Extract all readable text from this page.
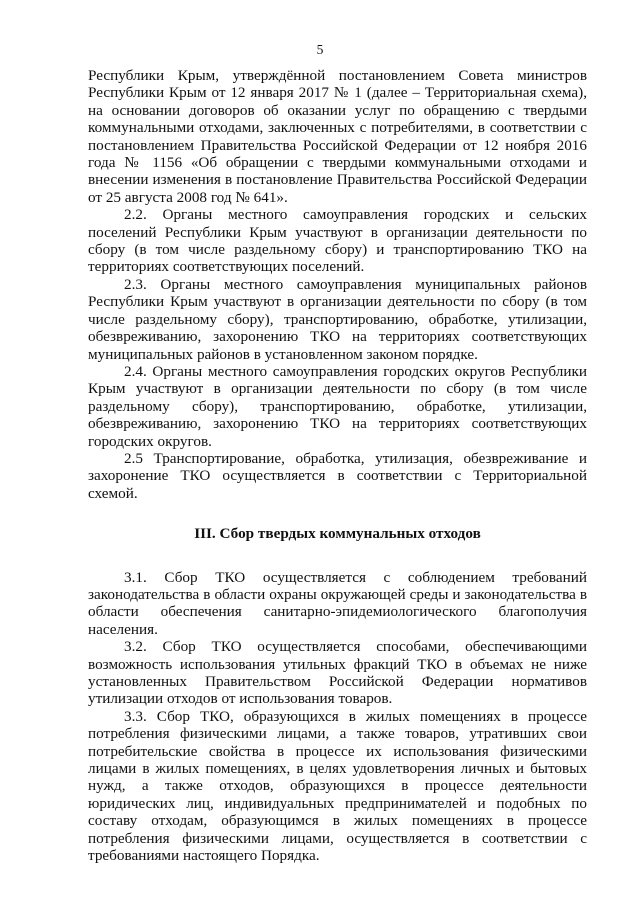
5

Республики Крым, утверждённой постановлением Совета министров Республики Крым от 12 января 2017 № 1 (далее – Территориальная схема), на основании договоров об оказании услуг по обращению с твердыми коммунальными отходами, заключенных с потребителями, в соответствии с постановлением Правительства Российской Федерации от 12 ноября 2016 года № 1156 «Об обращении с твердыми коммунальными отходами и внесении изменения в постановление Правительства Российской Федерации от 25 августа 2008 год № 641».

2.2. Органы местного самоуправления городских и сельских поселений Республики Крым участвуют в организации деятельности по сбору (в том числе раздельному сбору) и транспортированию ТКО на территориях соответствующих поселений.

2.3. Органы местного самоуправления муниципальных районов Республики Крым участвуют в организации деятельности по сбору (в том числе раздельному сбору), транспортированию, обработке, утилизации, обезвреживанию, захоронению ТКО на территориях соответствующих муниципальных районов в установленном законом порядке.

2.4. Органы местного самоуправления городских округов Республики Крым участвуют в организации деятельности по сбору (в том числе раздельному сбору), транспортированию, обработке, утилизации, обезвреживанию, захоронению ТКО на территориях соответствующих городских округов.

2.5 Транспортирование, обработка, утилизация, обезвреживание и захоронение ТКО осуществляется в соответствии с Территориальной схемой.

III. Сбор твердых коммунальных отходов

3.1. Сбор ТКО осуществляется с соблюдением требований законодательства в области охраны окружающей среды и законодательства в области обеспечения санитарно-эпидемиологического благополучия населения.

3.2. Сбор ТКО осуществляется способами, обеспечивающими возможность использования утильных фракций ТКО в объемах не ниже установленных Правительством Российской Федерации нормативов утилизации отходов от использования товаров.

3.3. Сбор ТКО, образующихся в жилых помещениях в процессе потребления физическими лицами, а также товаров, утративших свои потребительские свойства в процессе их использования физическими лицами в жилых помещениях, в целях удовлетворения личных и бытовых нужд, а также отходов, образующихся в процессе деятельности юридических лиц, индивидуальных предпринимателей и подобных по составу отходам, образующимся в жилых помещениях в процессе потребления физическими лицами, осуществляется в соответствии с требованиями настоящего Порядка.
